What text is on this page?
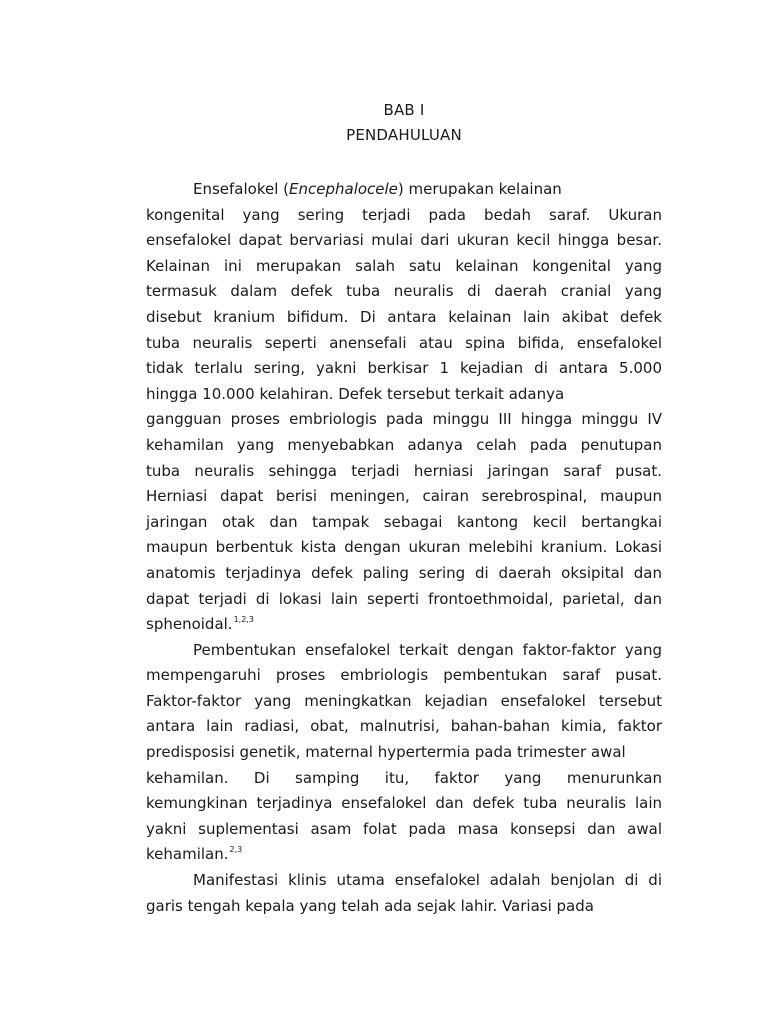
BAB I
PENDAHULUAN
Ensefalokel (Encephalocele) merupakan kelainan
kongenital yang sering terjadi pada bedah saraf. Ukuran
ensefalokel dapat bervariasi mulai dari ukuran kecil hingga besar.
Kelainan ini merupakan salah satu kelainan kongenital yang
termasuk dalam defek tuba neuralis di daerah cranial yang
disebut kranium bifidum. Di antara kelainan lain akibat defek
tuba neuralis seperti anensefali atau spina bifida, ensefalokel
tidak terlalu sering, yakni berkisar 1 kejadian di antara 5.000
hingga 10.000 kelahiran. Defek tersebut terkait adanya
gangguan proses embriologis pada minggu III hingga minggu IV
kehamilan yang menyebabkan adanya celah pada penutupan
tuba neuralis sehingga terjadi herniasi jaringan saraf pusat.
Herniasi dapat berisi meningen, cairan serebrospinal, maupun
jaringan otak dan tampak sebagai kantong kecil bertangkai
maupun berbentuk kista dengan ukuran melebihi kranium. Lokasi
anatomis terjadinya defek paling sering di daerah oksipital dan
dapat terjadi di lokasi lain seperti frontoethmoidal, parietal, dan
sphenoidal.$^{1,2,3}$
Pembentukan ensefalokel terkait dengan faktor-faktor yang
mempengaruhi proses embriologis pembentukan saraf pusat.
Faktor-faktor yang meningkatkan kejadian ensefalokel tersebut
antara lain radiasi, obat, malnutrisi, bahan-bahan kimia, faktor
predisposisi genetik, maternal hypertermia pada trimester awal
kehamilan. Di samping itu, faktor yang menurunkan
kemungkinan terjadinya ensefalokel dan defek tuba neuralis lain
yakni suplementasi asam folat pada masa konsepsi dan awal
kehamilan.$^{2,3}$
Manifestasi klinis utama ensefalokel adalah benjolan di di
garis tengah kepala yang telah ada sejak lahir. Variasi pada
